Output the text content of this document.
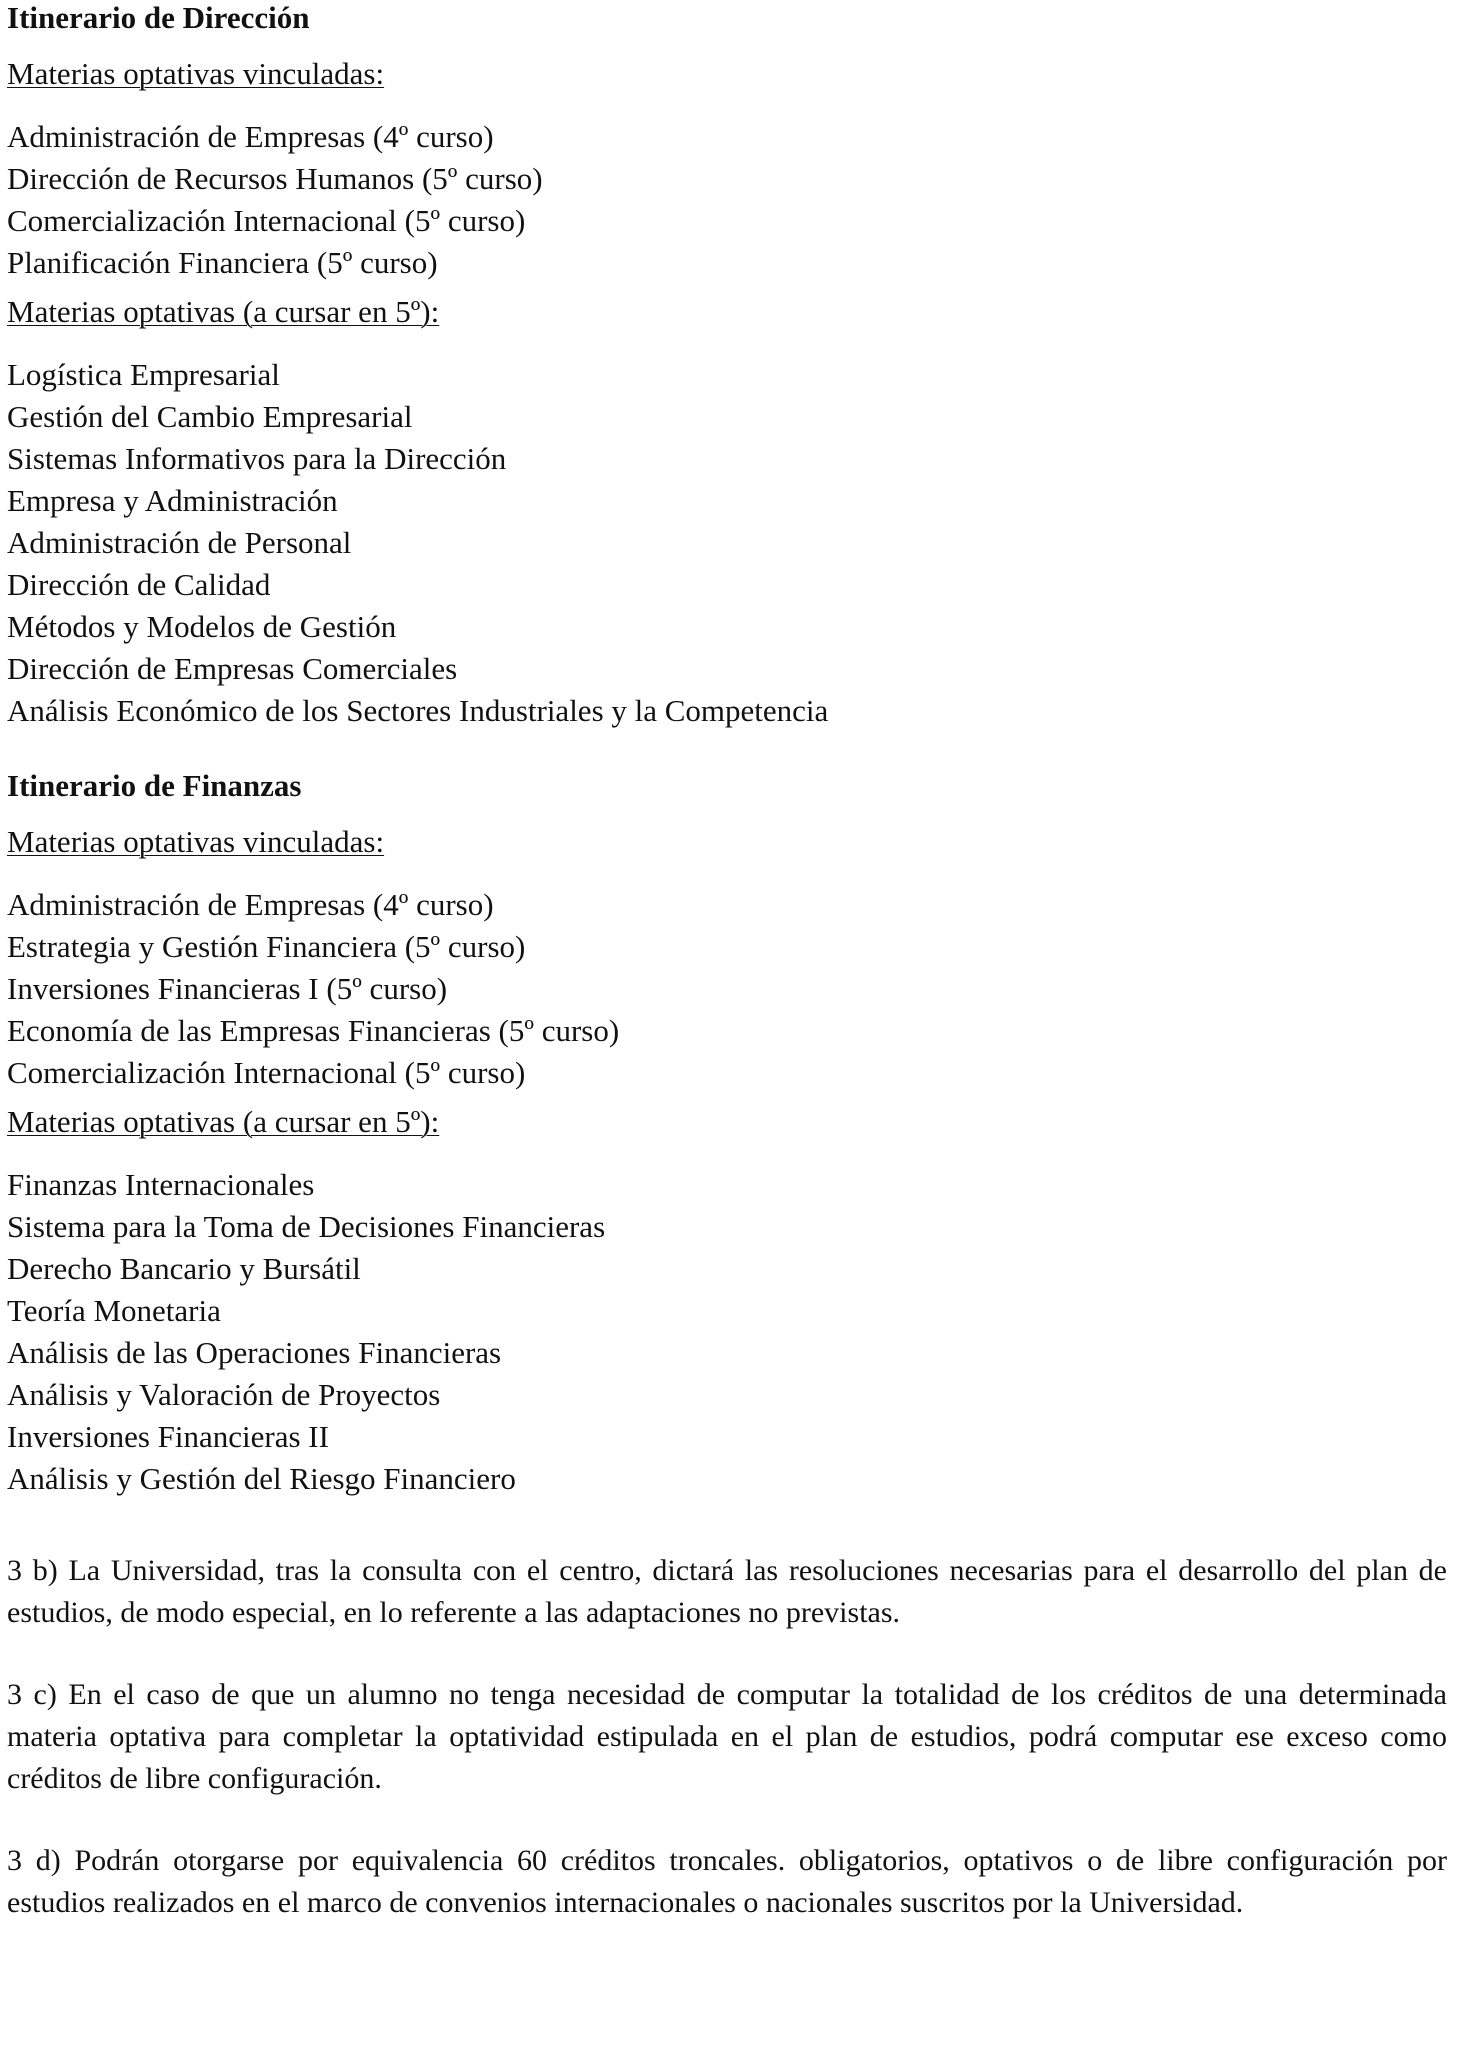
Itinerario de Dirección
Materias optativas vinculadas:
Administración de Empresas (4º curso)
Dirección de Recursos Humanos (5º curso)
Comercialización Internacional (5º curso)
Planificación Financiera (5º curso)
Materias optativas (a cursar en 5º):
Logística Empresarial
Gestión del Cambio Empresarial
Sistemas Informativos para la Dirección
Empresa y Administración
Administración de Personal
Dirección de Calidad
Métodos y Modelos de Gestión
Dirección de Empresas Comerciales
Análisis Económico de los Sectores Industriales y la Competencia
Itinerario de Finanzas
Materias optativas vinculadas:
Administración de Empresas (4º curso)
Estrategia y Gestión Financiera (5º curso)
Inversiones Financieras I (5º curso)
Economía de las Empresas Financieras (5º curso)
Comercialización Internacional (5º curso)
Materias optativas (a cursar en 5º):
Finanzas Internacionales
Sistema para la Toma de Decisiones Financieras
Derecho Bancario y Bursátil
Teoría Monetaria
Análisis de las Operaciones Financieras
Análisis y Valoración de Proyectos
Inversiones Financieras II
Análisis y Gestión del Riesgo Financiero

3 b) La Universidad, tras la consulta con el centro, dictará las resoluciones necesarias para el desarrollo del plan de estudios, de modo especial, en lo referente a las adaptaciones no previstas.

3 c) En el caso de que un alumno no tenga necesidad de computar la totalidad de los créditos de una determinada materia optativa para completar la optatividad estipulada en el plan de estudios, podrá computar ese exceso como créditos de libre configuración.

3 d) Podrán otorgarse por equivalencia 60 créditos troncales. obligatorios, optativos o de libre configuración por estudios realizados en el marco de convenios internacionales o nacionales suscritos por la Universidad.
